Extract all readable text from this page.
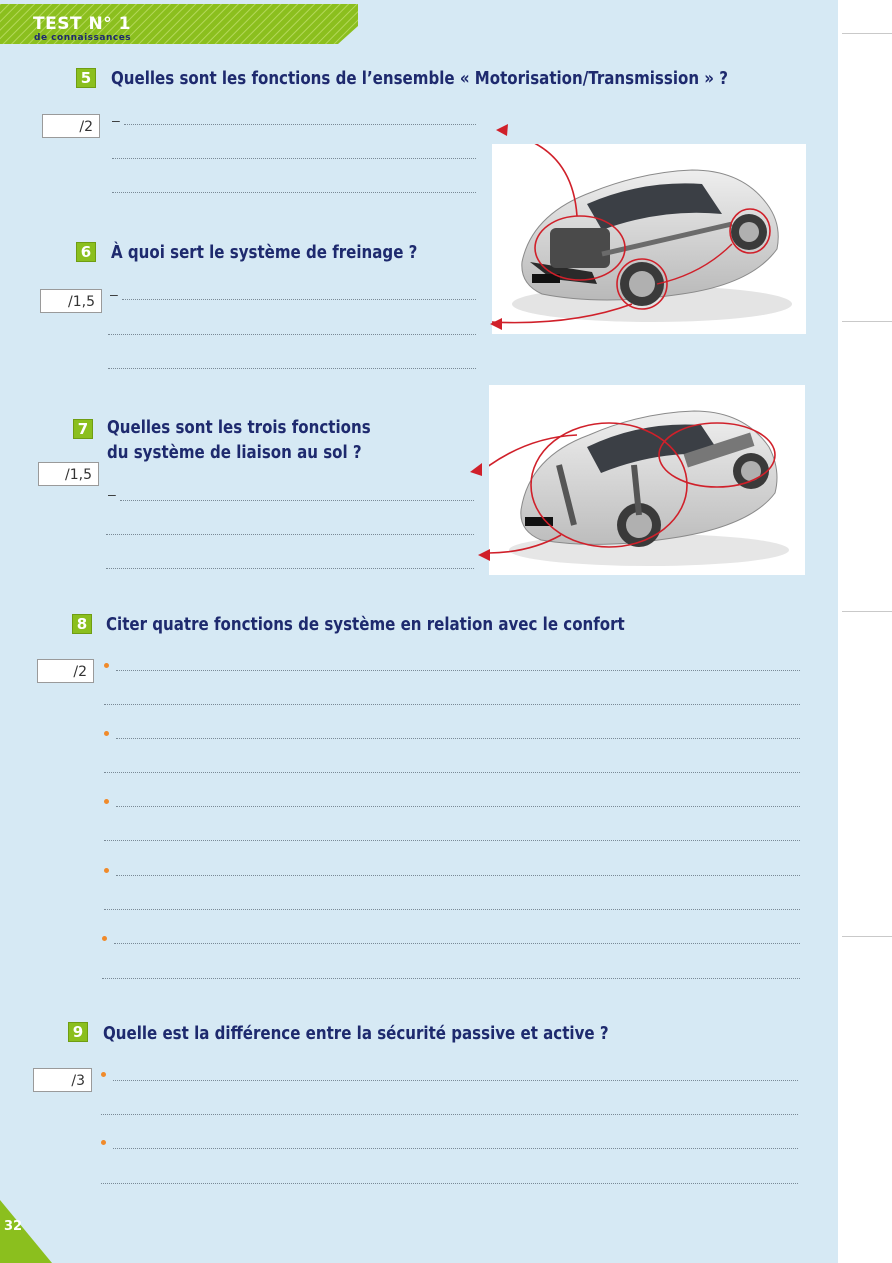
TEST N° 1
de connaissances
5 Quelles sont les fonctions de l’ensemble « Motorisation/Transmission » ?
/2	–
6 À quoi sert le système de freinage ?
/1,5	–
7 Quelles sont les trois fonctions
du système de liaison au sol ?
/1,5
–
8 Citer quatre fonctions de système en relation avec le confort
/2
9 Quelle est la différence entre la sécurité passive et active ?
/3
32
